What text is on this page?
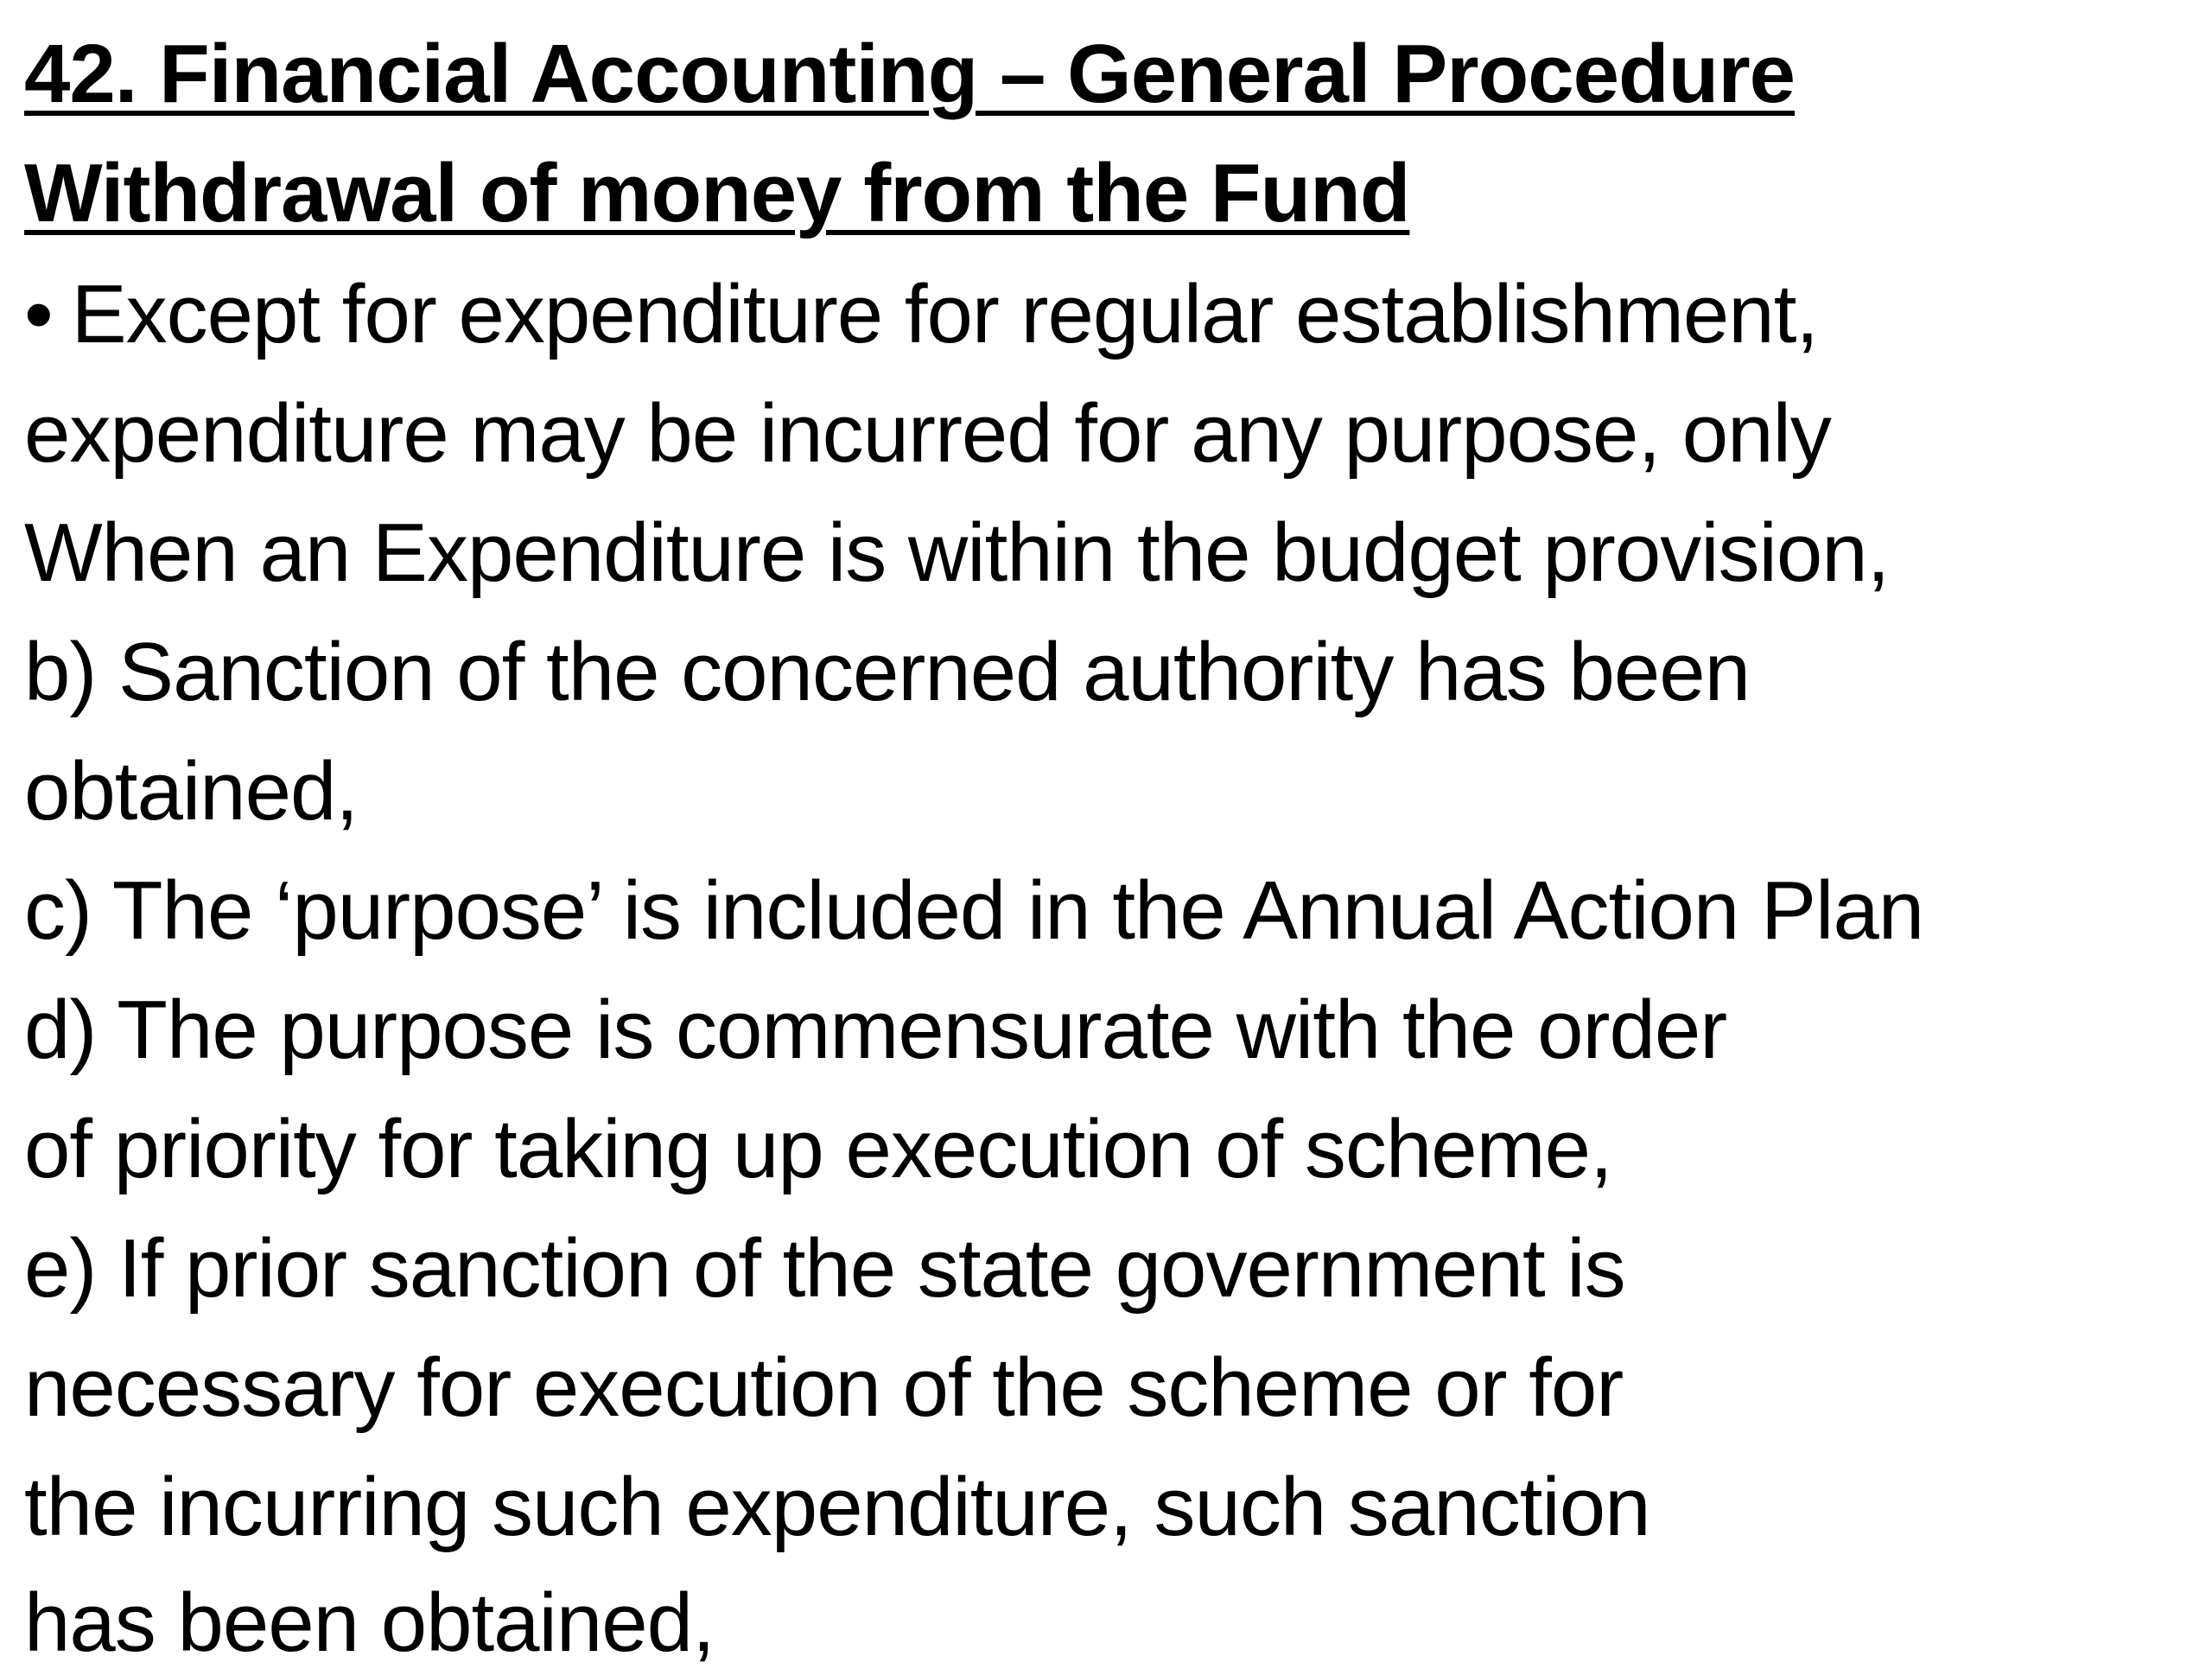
42. Financial Accounting – General Procedure
Withdrawal of money from the Fund
• Except for expenditure for regular establishment,
expenditure may be incurred for any purpose, only
When an Expenditure is within the budget provision,
b) Sanction of the concerned authority has been
obtained,
c) The ‘purpose’ is included in the Annual Action Plan
d) The purpose is commensurate with the order
of priority for taking up execution of scheme,
e) If prior sanction of the state government is
necessary for execution of the scheme or for
the incurring such expenditure, such sanction
has been obtained,
